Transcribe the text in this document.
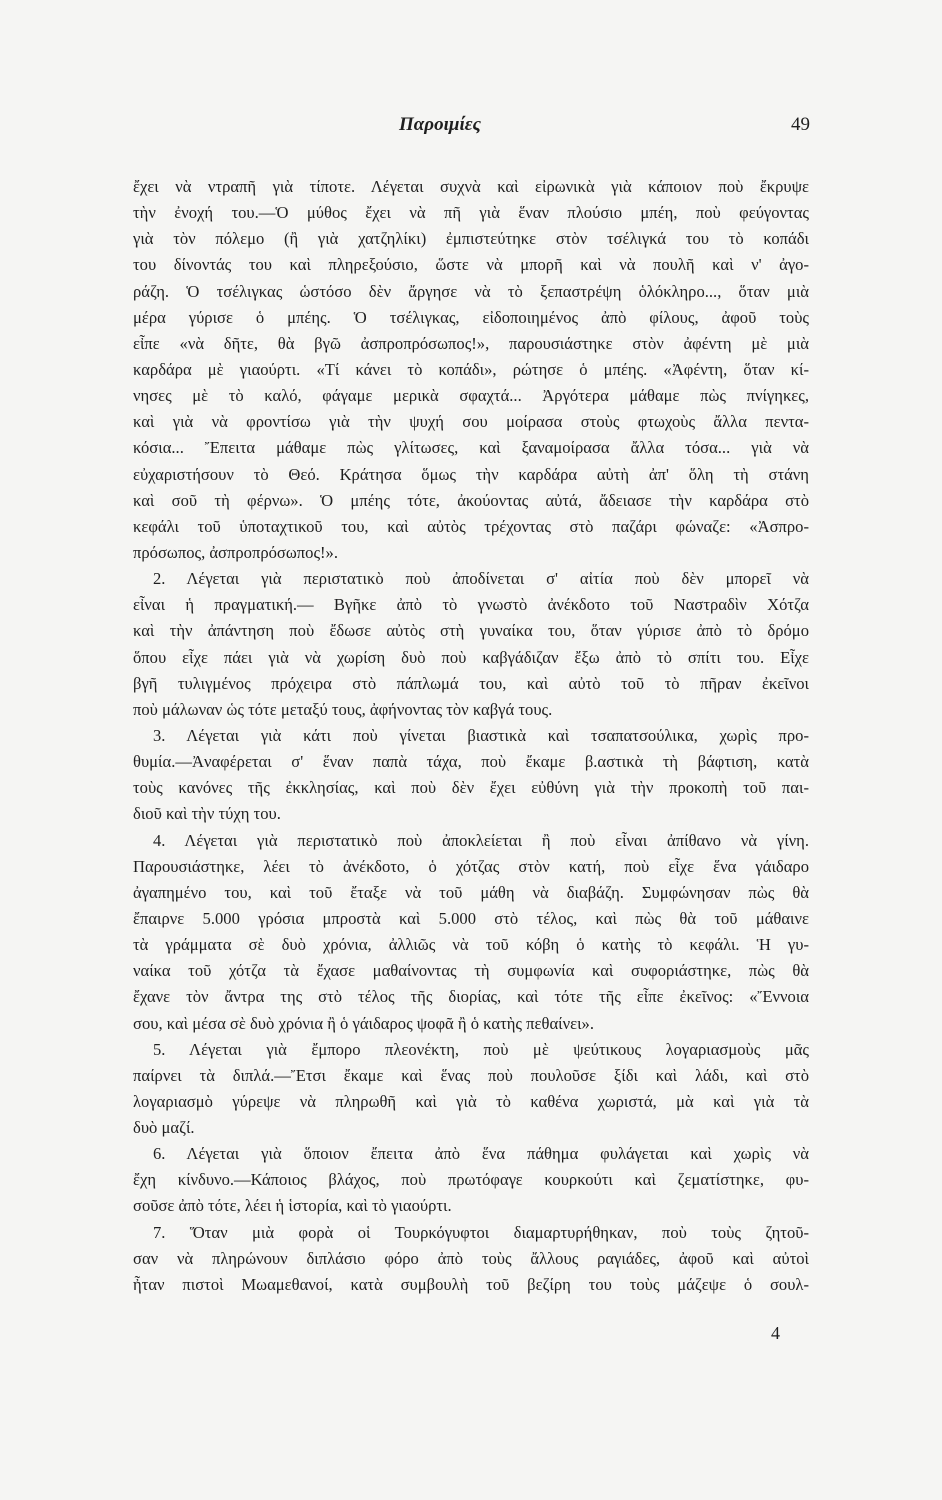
Παροιμίες	49
ἔχει νὰ ντραπῆ γιὰ τίποτε. Λέγεται συχνὰ καὶ εἰρωνικὰ γιὰ κάποιον ποὺ ἔκρυψε
τὴν ἐνοχή του.—Ὁ μύθος ἔχει νὰ πῆ γιὰ ἕναν πλούσιο μπέη, ποὺ φεύγοντας
γιὰ τὸν πόλεμο (ἢ γιὰ χατζηλίκι) ἐμπιστεύτηκε στὸν τσέλιγκά του τὸ κοπάδι
του δίνοντάς του καὶ πληρεξούσιο, ὥστε νὰ μπορῆ καὶ νὰ πουλῆ καὶ ν' ἀγο-
ράζη. Ὁ τσέλιγκας ὡστόσο δὲν ἄργησε νὰ τὸ ξεπαστρέψη ὁλόκληρο..., ὅταν μιὰ
μέρα γύρισε ὁ μπέης. Ὁ τσέλιγκας, εἰδοποιημένος ἀπὸ φίλους, ἀφοῦ τοὺς
εἶπε «νὰ δῆτε, θὰ βγῶ ἀσπροπρόσωπος!», παρουσιάστηκε στὸν ἀφέντη μὲ μιὰ
καρδάρα μὲ γιαούρτι. «Τί κάνει τὸ κοπάδι», ρώτησε ὁ μπέης. «Ἀφέντη, ὅταν κί-
νησες μὲ τὸ καλό, φάγαμε μερικὰ σφαχτά... Ἀργότερα μάθαμε πὼς πνίγηκες,
καὶ γιὰ νὰ φροντίσω γιὰ τὴν ψυχή σου μοίρασα στοὺς φτωχοὺς ἄλλα πεντα-
κόσια... Ἔπειτα μάθαμε πὼς γλίτωσες, καὶ ξαναμοίρασα ἄλλα τόσα... γιὰ νὰ
εὐχαριστήσουν τὸ Θεό. Κράτησα ὅμως τὴν καρδάρα αὐτὴ ἀπ' ὅλη τὴ στάνη
καὶ σοῦ τὴ φέρνω». Ὁ μπέης τότε, ἀκούοντας αὐτά, ἄδειασε τὴν καρδάρα στὸ
κεφάλι τοῦ ὑποταχτικοῦ του, καὶ αὐτὸς τρέχοντας στὸ παζάρι φώναζε: «Ἀσπρο-
πρόσωπος, ἀσπροπρόσωπος!».
2. Λέγεται γιὰ περιστατικὸ ποὺ ἀποδίνεται σ' αἰτία ποὺ δὲν μπορεῖ νὰ
εἶναι ἡ πραγματική.— Βγῆκε ἀπὸ τὸ γνωστὸ ἀνέκδοτο τοῦ Ναστραδὶν Χότζα
καὶ τὴν ἀπάντηση ποὺ ἔδωσε αὐτὸς στὴ γυναίκα του, ὅταν γύρισε ἀπὸ τὸ δρόμο
ὅπου εἶχε πάει γιὰ νὰ χωρίση δυὸ ποὺ καβγάδιζαν ἔξω ἀπὸ τὸ σπίτι του. Εἶχε
βγῆ τυλιγμένος πρόχειρα στὸ πάπλωμά του, καὶ αὐτὸ τοῦ τὸ πῆραν ἐκεῖνοι
ποὺ μάλωναν ὡς τότε μεταξύ τους, ἀφήνοντας τὸν καβγά τους.
3. Λέγεται γιὰ κάτι ποὺ γίνεται βιαστικὰ καὶ τσαπατσούλικα, χωρὶς προ-
θυμία.—Ἀναφέρεται σ' ἕναν παπὰ τάχα, ποὺ ἔκαμε β.αστικὰ τὴ βάφτιση, κατὰ
τοὺς κανόνες τῆς ἐκκλησίας, καὶ ποὺ δὲν ἔχει εὐθύνη γιὰ τὴν προκοπὴ τοῦ παι-
διοῦ καὶ τὴν τύχη του.
4. Λέγεται γιὰ περιστατικὸ ποὺ ἀποκλείεται ἢ ποὺ εἶναι ἀπίθανο νὰ γίνη.
Παρουσιάστηκε, λέει τὸ ἀνέκδοτο, ὁ χότζας στὸν κατή, ποὺ εἶχε ἕνα γάιδαρο
ἀγαπημένο του, καὶ τοῦ ἔταξε νὰ τοῦ μάθη νὰ διαβάζη. Συμφώνησαν πὼς θὰ
ἔπαιρνε 5.000 γρόσια μπροστὰ καὶ 5.000 στὸ τέλος, καὶ πὼς θὰ τοῦ μάθαινε
τὰ γράμματα σὲ δυὸ χρόνια, ἀλλιῶς νὰ τοῦ κόβη ὁ κατὴς τὸ κεφάλι. Ἡ γυ-
ναίκα τοῦ χότζα τὰ ἔχασε μαθαίνοντας τὴ συμφωνία καὶ συφοριάστηκε, πὼς θὰ
ἔχανε τὸν ἄντρα της στὸ τέλος τῆς διορίας, καὶ τότε τῆς εἶπε ἐκεῖνος: «Ἔννοια
σου, καὶ μέσα σὲ δυὸ χρόνια ἢ ὁ γάιδαρος ψοφᾶ ἢ ὁ κατὴς πεθαίνει».
5. Λέγεται γιὰ ἔμπορο πλεονέκτη, ποὺ μὲ ψεύτικους λογαριασμοὺς μᾶς
παίρνει τὰ διπλά.—Ἔτσι ἔκαμε καὶ ἕνας ποὺ πουλοῦσε ξίδι καὶ λάδι, καὶ στὸ
λογαριασμὸ γύρεψε νὰ πληρωθῆ καὶ γιὰ τὸ καθένα χωριστά, μὰ καὶ γιὰ τὰ
δυὸ μαζί.
6. Λέγεται γιὰ ὅποιον ἔπειτα ἀπὸ ἕνα πάθημα φυλάγεται καὶ χωρὶς νὰ
ἔχη κίνδυνο.—Κάποιος βλάχος, ποὺ πρωτόφαγε κουρκούτι καὶ ζεματίστηκε, φυ-
σοῦσε ἀπὸ τότε, λέει ἡ ἱστορία, καὶ τὸ γιαούρτι.
7. Ὅταν μιὰ φορὰ οἱ Τουρκόγυφτοι διαμαρτυρήθηκαν, ποὺ τοὺς ζητοῦ-
σαν νὰ πληρώνουν διπλάσιο φόρο ἀπὸ τοὺς ἄλλους ραγιάδες, ἀφοῦ καὶ αὐτοὶ
ἦταν πιστοὶ Μωαμεθανοί, κατὰ συμβουλὴ τοῦ βεζίρη του τοὺς μάζεψε ὁ σουλ-
4
